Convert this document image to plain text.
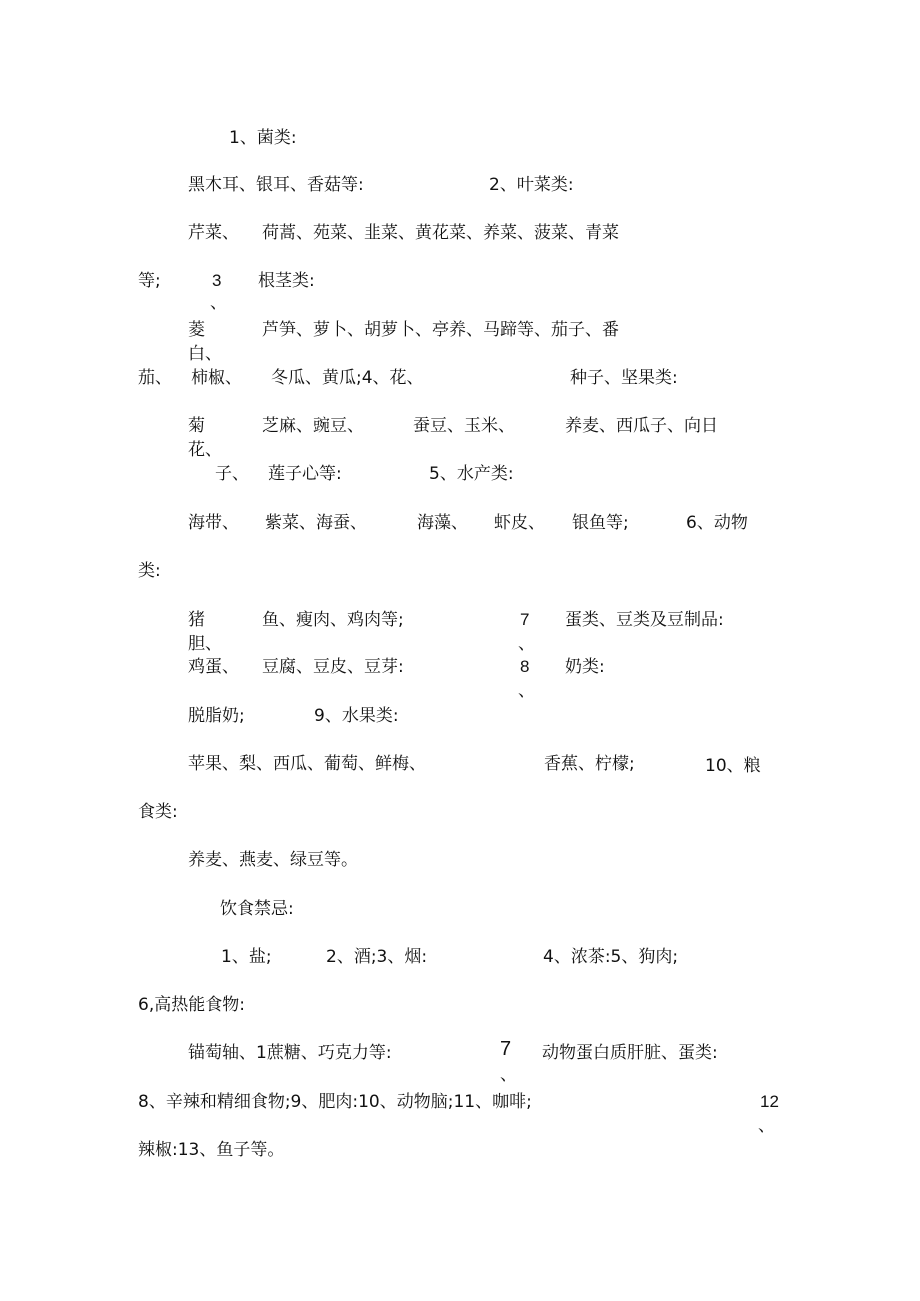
1、菌类:
黑木耳、银耳、香菇等:	2、叶菜类:
芹菜、 荷蒿、苑菜、韭菜、黄花菜、养菜、菠菜、青菜
等;	3
、
根茎类:
菱
白、
芦笋、萝卜、胡萝卜、亭养、马蹄等、茄子、番
茄、 柿椒、 冬瓜、黄瓜;4、花、	种子、坚果类:
菊
花、
芝麻、豌豆、	蚕豆、玉米、	养麦、西瓜子、向日
子、 莲子心等:	5、水产类:
海带、 紫菜、海蚕、	海藻、 虾皮、 银鱼等;	6、动物
类:
猪
胆、
鱼、瘦肉、鸡肉等;	7
、
蛋类、豆类及豆制品:
鸡蛋、 豆腐、豆皮、豆芽:	8
、
奶类:
脱脂奶;	9、水果类:
苹果、梨、西瓜、葡萄、鲜梅、	香蕉、柠檬;	10、粮
食类:
养麦、燕麦、绿豆等。
饮食禁忌:
1、盐;	2、酒;3、烟:	4、浓茶:5、狗肉;
6,高热能食物:
锚萄轴、1蔗糖、巧克力等:	7
、
动物蛋白质肝脏、蛋类:
8、辛辣和精细食物;9、肥肉:10、动物脑;11、咖啡;	12
、
辣椒:13、鱼子等。
